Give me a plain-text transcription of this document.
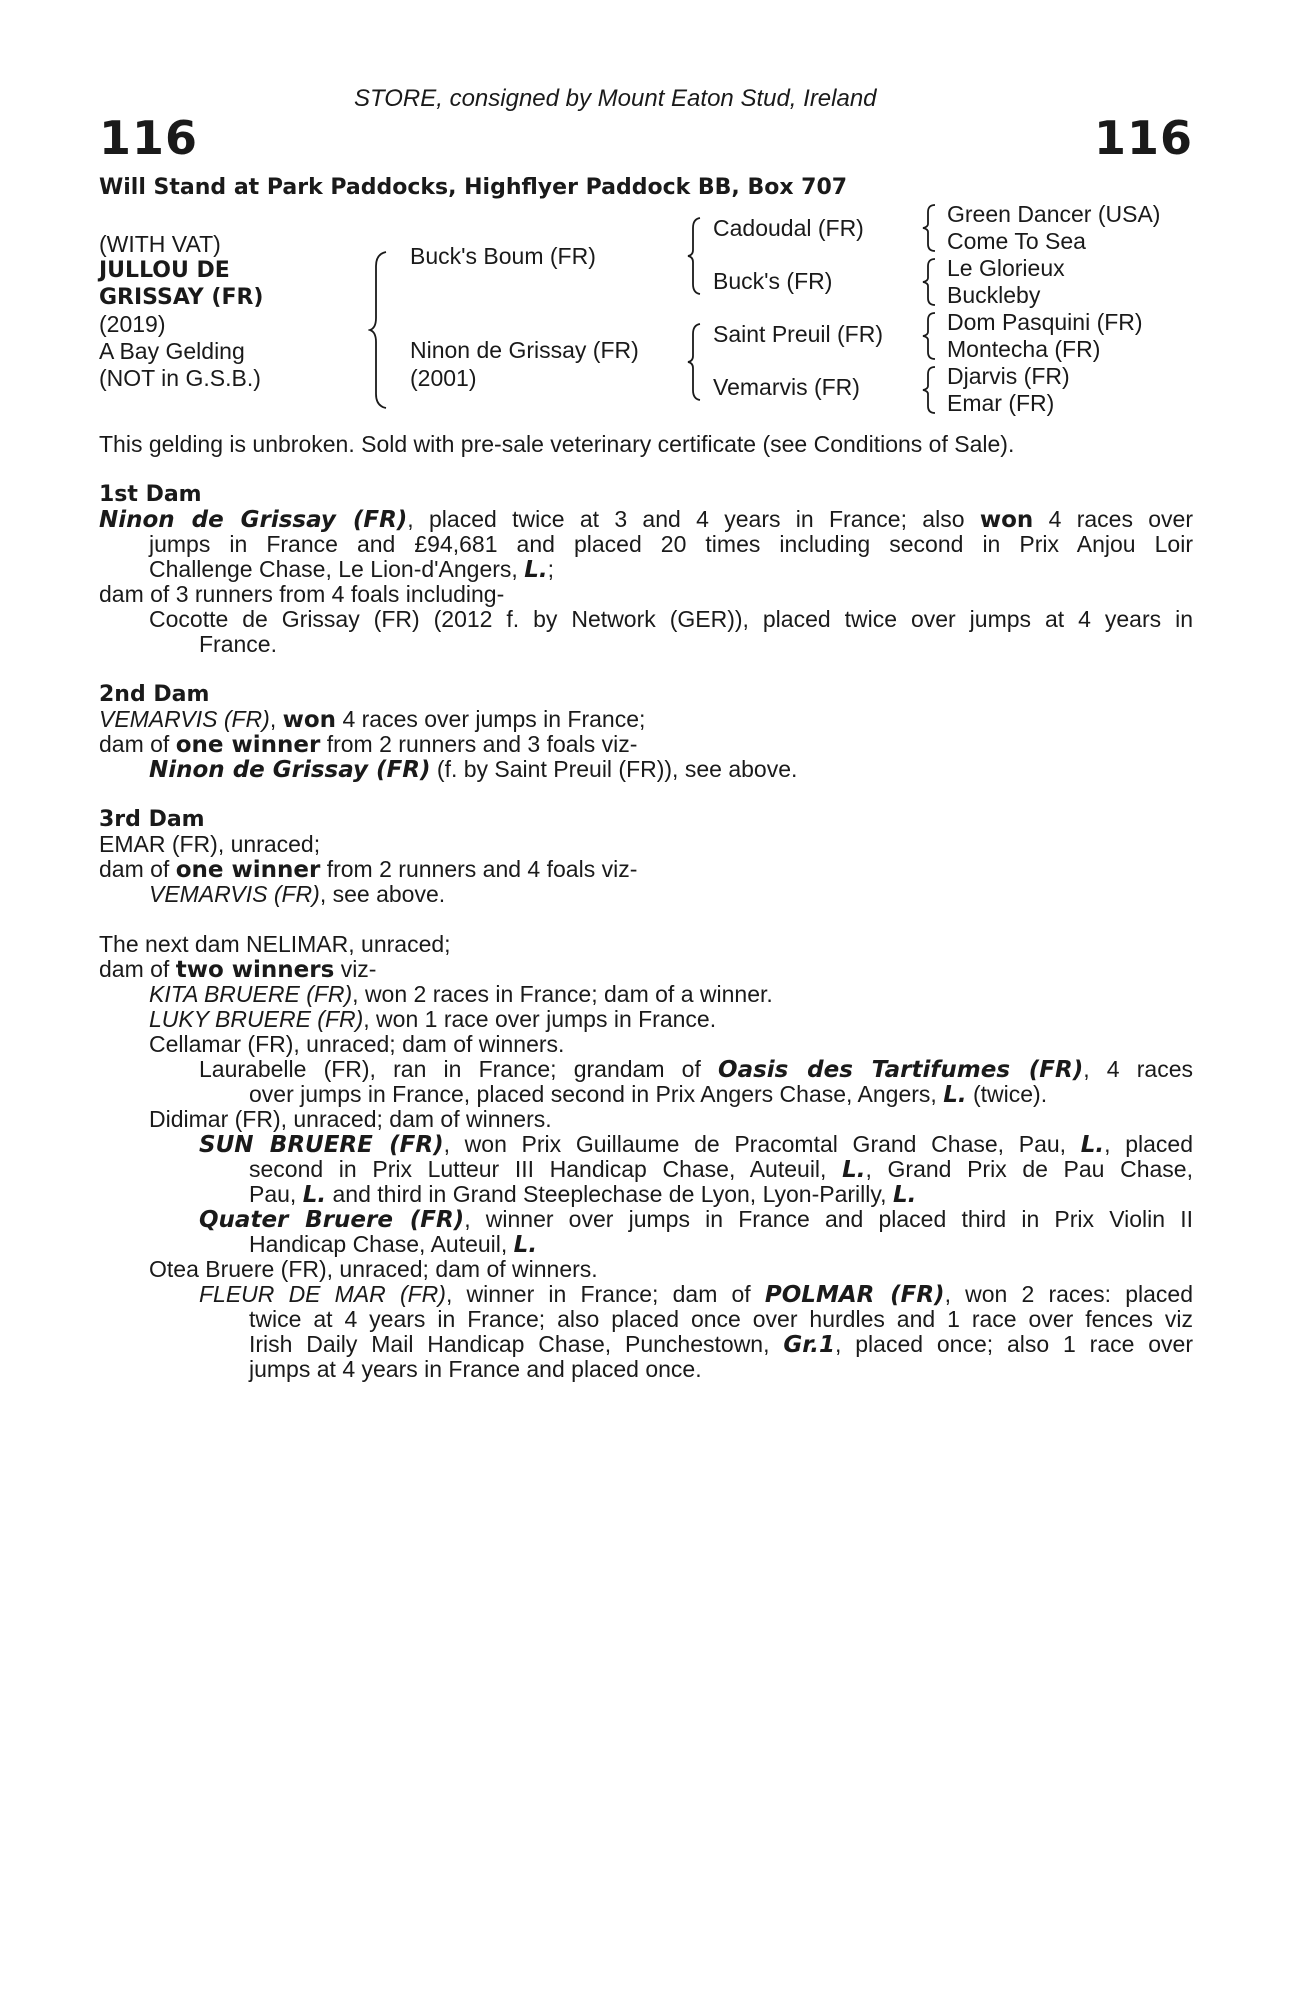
STORE, consigned by Mount Eaton Stud, Ireland
116	116
Will Stand at Park Paddocks, Highflyer Paddock BB, Box 707
(WITH VAT)
JULLOU DE
GRISSAY (FR)
(2019)
A Bay Gelding
(NOT in G.S.B.)
Buck's Boum (FR)
Ninon de Grissay (FR)
(2001)
Cadoudal (FR)
Buck's (FR)
Saint Preuil (FR)
Vemarvis (FR)
Green Dancer (USA)
Come To Sea
Le Glorieux
Buckleby
Dom Pasquini (FR)
Montecha (FR)
Djarvis (FR)
Emar (FR)
This gelding is unbroken. Sold with pre-sale veterinary certificate (see Conditions of Sale).
1st Dam
Ninon de Grissay (FR), placed twice at 3 and 4 years in France; also won 4 races over
jumps in France and £94,681 and placed 20 times including second in Prix Anjou Loir
Challenge Chase, Le Lion-d'Angers, L.;
dam of 3 runners from 4 foals including-
Cocotte de Grissay (FR) (2012 f. by Network (GER)), placed twice over jumps at 4 years in
France.
2nd Dam
VEMARVIS (FR), won 4 races over jumps in France;
dam of one winner from 2 runners and 3 foals viz-
Ninon de Grissay (FR) (f. by Saint Preuil (FR)), see above.
3rd Dam
EMAR (FR), unraced;
dam of one winner from 2 runners and 4 foals viz-
VEMARVIS (FR), see above.
The next dam NELIMAR, unraced;
dam of two winners viz-
KITA BRUERE (FR), won 2 races in France; dam of a winner.
LUKY BRUERE (FR), won 1 race over jumps in France.
Cellamar (FR), unraced; dam of winners.
Laurabelle (FR), ran in France; grandam of Oasis des Tartifumes (FR), 4 races
over jumps in France, placed second in Prix Angers Chase, Angers, L. (twice).
Didimar (FR), unraced; dam of winners.
SUN BRUERE (FR), won Prix Guillaume de Pracomtal Grand Chase, Pau, L., placed
second in Prix Lutteur III Handicap Chase, Auteuil, L., Grand Prix de Pau Chase,
Pau, L. and third in Grand Steeplechase de Lyon, Lyon-Parilly, L.
Quater Bruere (FR), winner over jumps in France and placed third in Prix Violin II
Handicap Chase, Auteuil, L.
Otea Bruere (FR), unraced; dam of winners.
FLEUR DE MAR (FR), winner in France; dam of POLMAR (FR), won 2 races: placed
twice at 4 years in France; also placed once over hurdles and 1 race over fences viz
Irish Daily Mail Handicap Chase, Punchestown, Gr.1, placed once; also 1 race over
jumps at 4 years in France and placed once.
